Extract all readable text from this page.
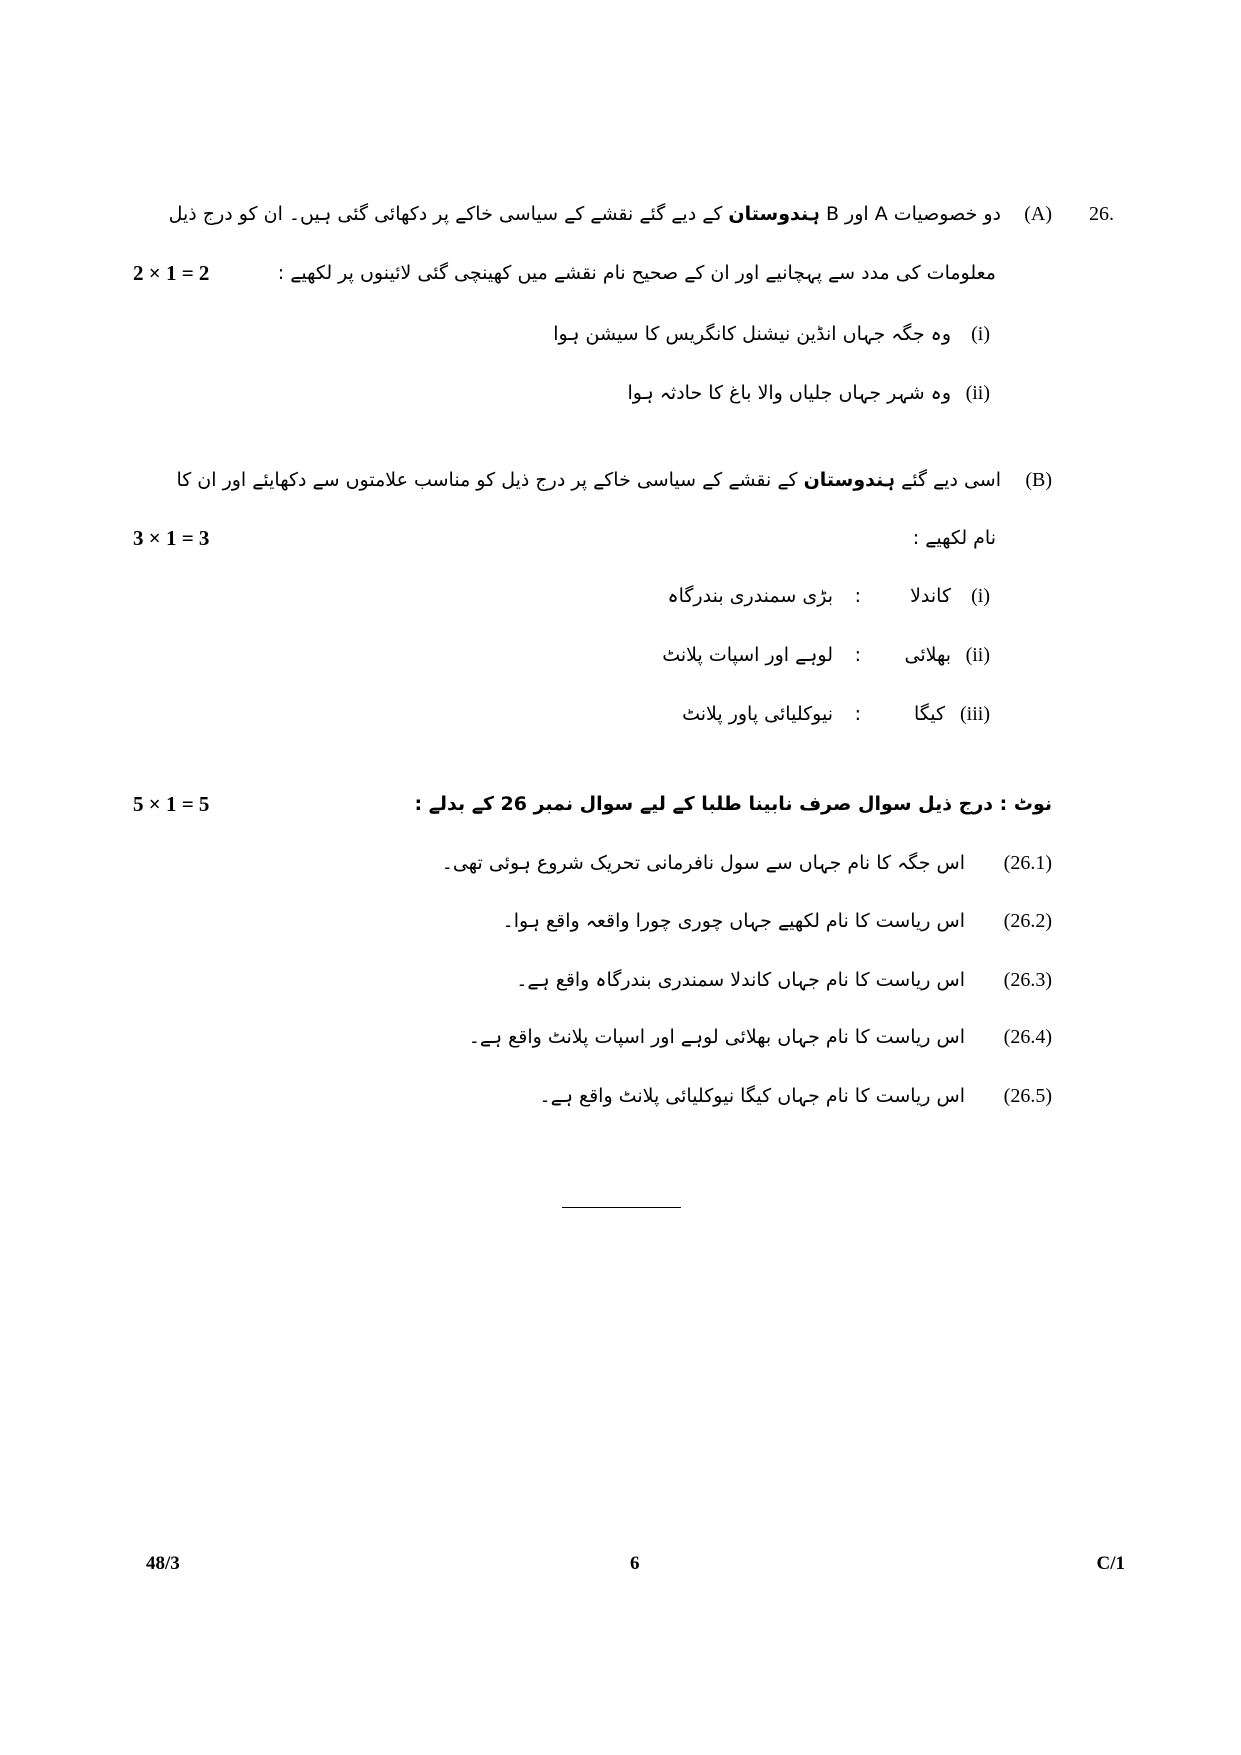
26.
(A)
دو خصوصیات A اور B ہندوستان کے دیے گئے نقشے کے سیاسی خاکے پر دکھائی گئی ہیں۔ ان کو درج ذیل
معلومات کی مدد سے پہچانیے اور ان کے صحیح نام نقشے میں کھینچی گئی لائینوں پر لکھیے :
2 × 1 = 2
(i)
وہ جگہ جہاں انڈین نیشنل کانگریس کا سیشن ہوا
(ii)
وہ شہر جہاں جلیاں والا باغ کا حادثہ ہوا
(B)
اسی دیے گئے ہندوستان کے نقشے کے سیاسی خاکے پر درج ذیل کو مناسب علامتوں سے دکھایئے اور ان کا
نام لکھیے :
3 × 1 = 3
(i)
کاندلا
:
بڑی سمندری بندرگاہ
(ii)
بھلائی
:
لوہے اور اسپات پلانٹ
(iii)
کیگا
:
نیوکلیائی پاور پلانٹ
نوٹ : درج ذیل سوال صرف نابینا طلبا کے لیے سوال نمبر 26 کے بدلے :
5 × 1 = 5
(26.1)
اس جگہ کا نام جہاں سے سول نافرمانی تحریک شروع ہوئی تھی۔
(26.2)
اس ریاست کا نام لکھیے جہاں چوری چورا واقعہ واقع ہوا۔
(26.3)
اس ریاست کا نام جہاں کاندلا سمندری بندرگاہ واقع ہے۔
(26.4)
اس ریاست کا نام جہاں بھلائی لوہے اور اسپات پلانٹ واقع ہے۔
(26.5)
اس ریاست کا نام جہاں کیگا نیوکلیائی پلانٹ واقع ہے۔
48/3	6	C/1
